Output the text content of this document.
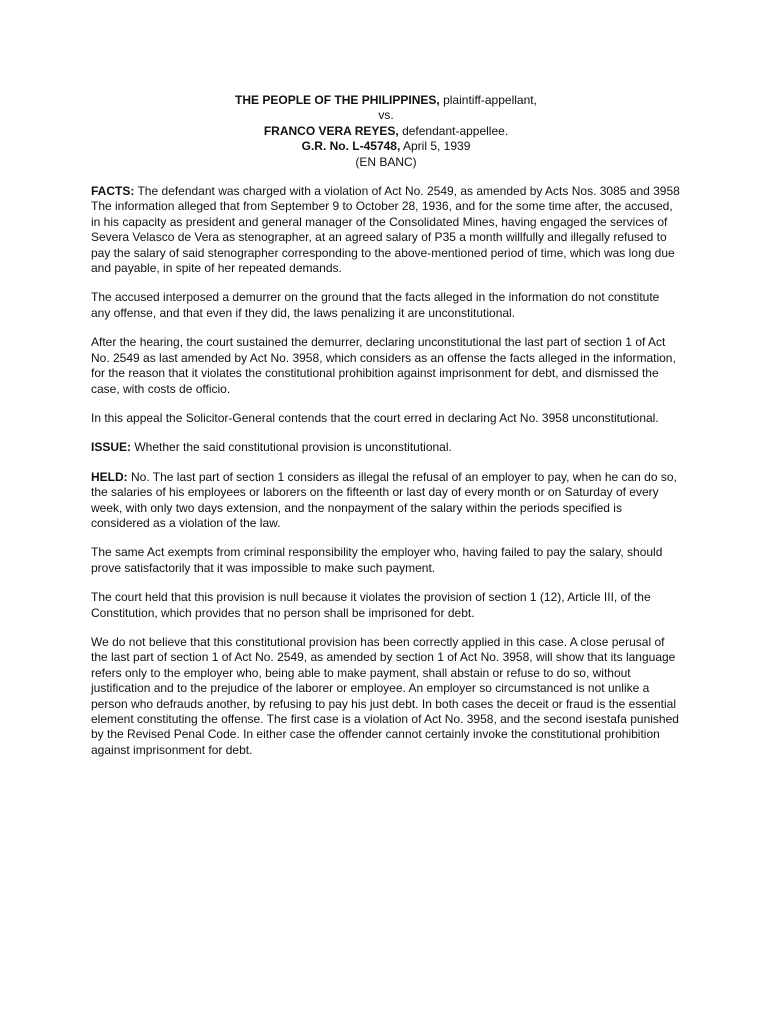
THE PEOPLE OF THE PHILIPPINES, plaintiff-appellant,
vs.
FRANCO VERA REYES, defendant-appellee.
G.R. No. L-45748, April 5, 1939
(EN BANC)

FACTS: The defendant was charged with a violation of Act No. 2549, as amended by Acts Nos. 3085 and 3958 The information alleged that from September 9 to October 28, 1936, and for the some time after, the accused, in his capacity as president and general manager of the Consolidated Mines, having engaged the services of Severa Velasco de Vera as stenographer, at an agreed salary of P35 a month willfully and illegally refused to pay the salary of said stenographer corresponding to the above-mentioned period of time, which was long due and payable, in spite of her repeated demands.

The accused interposed a demurrer on the ground that the facts alleged in the information do not constitute any offense, and that even if they did, the laws penalizing it are unconstitutional.

After the hearing, the court sustained the demurrer, declaring unconstitutional the last part of section 1 of Act No. 2549 as last amended by Act No. 3958, which considers as an offense the facts alleged in the information, for the reason that it violates the constitutional prohibition against imprisonment for debt, and dismissed the case, with costs de officio.

In this appeal the Solicitor-General contends that the court erred in declaring Act No. 3958 unconstitutional.

ISSUE: Whether the said constitutional provision is unconstitutional.

HELD: No. The last part of section 1 considers as illegal the refusal of an employer to pay, when he can do so, the salaries of his employees or laborers on the fifteenth or last day of every month or on Saturday of every week, with only two days extension, and the nonpayment of the salary within the periods specified is considered as a violation of the law.

The same Act exempts from criminal responsibility the employer who, having failed to pay the salary, should prove satisfactorily that it was impossible to make such payment.

The court held that this provision is null because it violates the provision of section 1 (12), Article III, of the Constitution, which provides that no person shall be imprisoned for debt.

We do not believe that this constitutional provision has been correctly applied in this case. A close perusal of the last part of section 1 of Act No. 2549, as amended by section 1 of Act No. 3958, will show that its language refers only to the employer who, being able to make payment, shall abstain or refuse to do so, without justification and to the prejudice of the laborer or employee. An employer so circumstanced is not unlike a person who defrauds another, by refusing to pay his just debt. In both cases the deceit or fraud is the essential element constituting the offense. The first case is a violation of Act No. 3958, and the second isestafa punished by the Revised Penal Code. In either case the offender cannot certainly invoke the constitutional prohibition against imprisonment for debt.
